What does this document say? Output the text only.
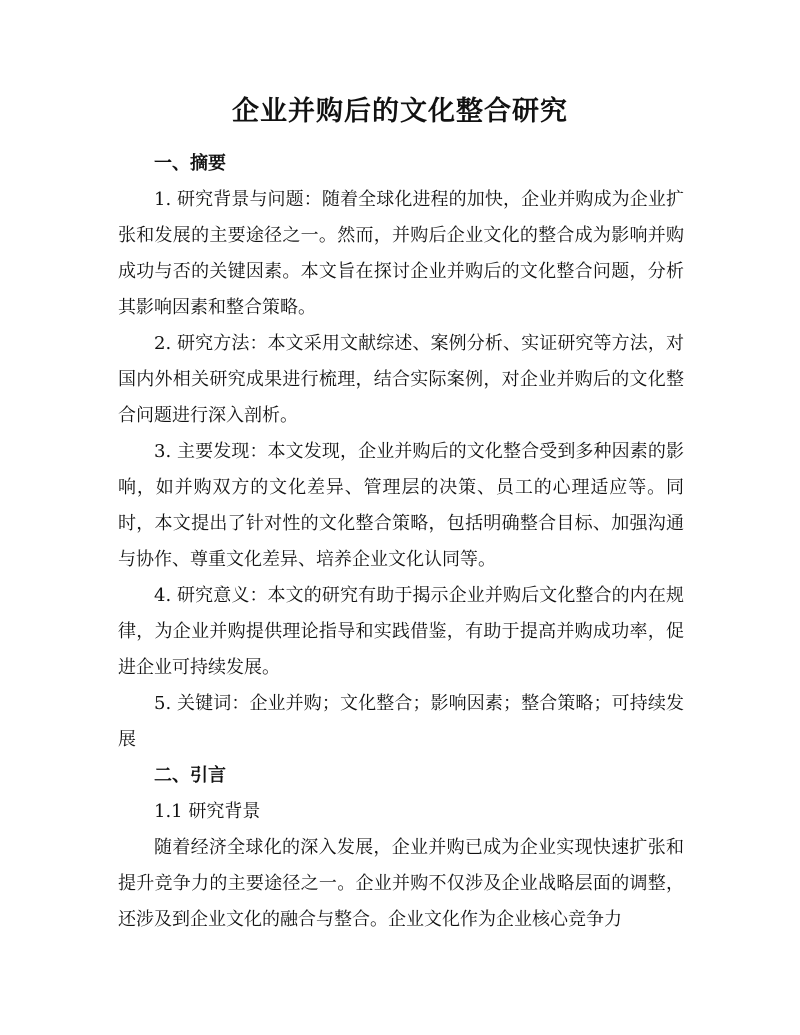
企业并购后的文化整合研究

一、摘要

1. 研究背景与问题：随着全球化进程的加快，企业并购成为企业扩张和发展的主要途径之一。然而，并购后企业文化的整合成为影响并购成功与否的关键因素。本文旨在探讨企业并购后的文化整合问题，分析其影响因素和整合策略。

2. 研究方法：本文采用文献综述、案例分析、实证研究等方法，对国内外相关研究成果进行梳理，结合实际案例，对企业并购后的文化整合问题进行深入剖析。

3. 主要发现：本文发现，企业并购后的文化整合受到多种因素的影响，如并购双方的文化差异、管理层的决策、员工的心理适应等。同时，本文提出了针对性的文化整合策略，包括明确整合目标、加强沟通与协作、尊重文化差异、培养企业文化认同等。

4. 研究意义：本文的研究有助于揭示企业并购后文化整合的内在规律，为企业并购提供理论指导和实践借鉴，有助于提高并购成功率，促进企业可持续发展。

5. 关键词：企业并购；文化整合；影响因素；整合策略；可持续发展

二、引言

1.1 研究背景

随着经济全球化的深入发展，企业并购已成为企业实现快速扩张和提升竞争力的主要途径之一。企业并购不仅涉及企业战略层面的调整，还涉及到企业文化的融合与整合。企业文化作为企业核心竞争力
